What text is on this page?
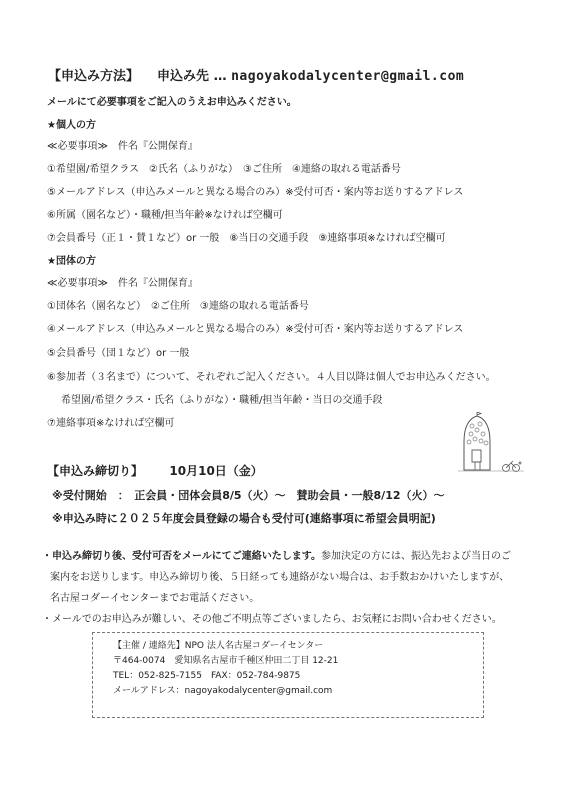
【申込み方法】 申込み先 … nagoyakodalycenter@gmail.com
メールにて必要事項をご記入のうえお申込みください。
★個人の方
≪必要事項≫　件名『公開保育』
①希望園/希望クラス　②氏名（ふりがな）　③ご住所　④連絡の取れる電話番号
⑤メールアドレス（申込みメールと異なる場合のみ）※受付可否・案内等お送りするアドレス
⑥所属（園名など）・職種/担当年齢※なければ空欄可
⑦会員番号（正１・賛１など）or 一般　⑧当日の交通手段　⑨連絡事項※なければ空欄可
★団体の方
≪必要事項≫　件名『公開保育』
①団体名（園名など）　②ご住所　③連絡の取れる電話番号
④メールアドレス（申込みメールと異なる場合のみ）※受付可否・案内等お送りするアドレス
⑤会員番号（団１など）or 一般
⑥参加者（３名まで）について、それぞれご記入ください。４人目以降は個人でお申込みください。
希望園/希望クラス・氏名（ふりがな）・職種/担当年齢・当日の交通手段
⑦連絡事項※なければ空欄可
【申込み締切り】 10月10日（金）
※受付開始　：　正会員・団体会員8/5（火）～　賛助会員・一般8/12（火）～
※申込み時に２０２５年度会員登録の場合も受付可(連絡事項に希望会員明記)
・申込み締切り後、受付可否をメールにてご連絡いたします。参加決定の方には、振込先および当日のご
案内をお送りします。申込み締切り後、５日経っても連絡がない場合は、お手数おかけいたしますが、
名古屋コダーイセンターまでお電話ください。
・メールでのお申込みが難しい、その他ご不明点等ございましたら、お気軽にお問い合わせください。
【主催 / 連絡先】NPO 法人名古屋コダーイセンター
〒464-0074　愛知県名古屋市千種区仲田二丁目 12-21
TEL：052-825-7155　FAX：052-784-9875
メールアドレス：nagoyakodalycenter@gmail.com
